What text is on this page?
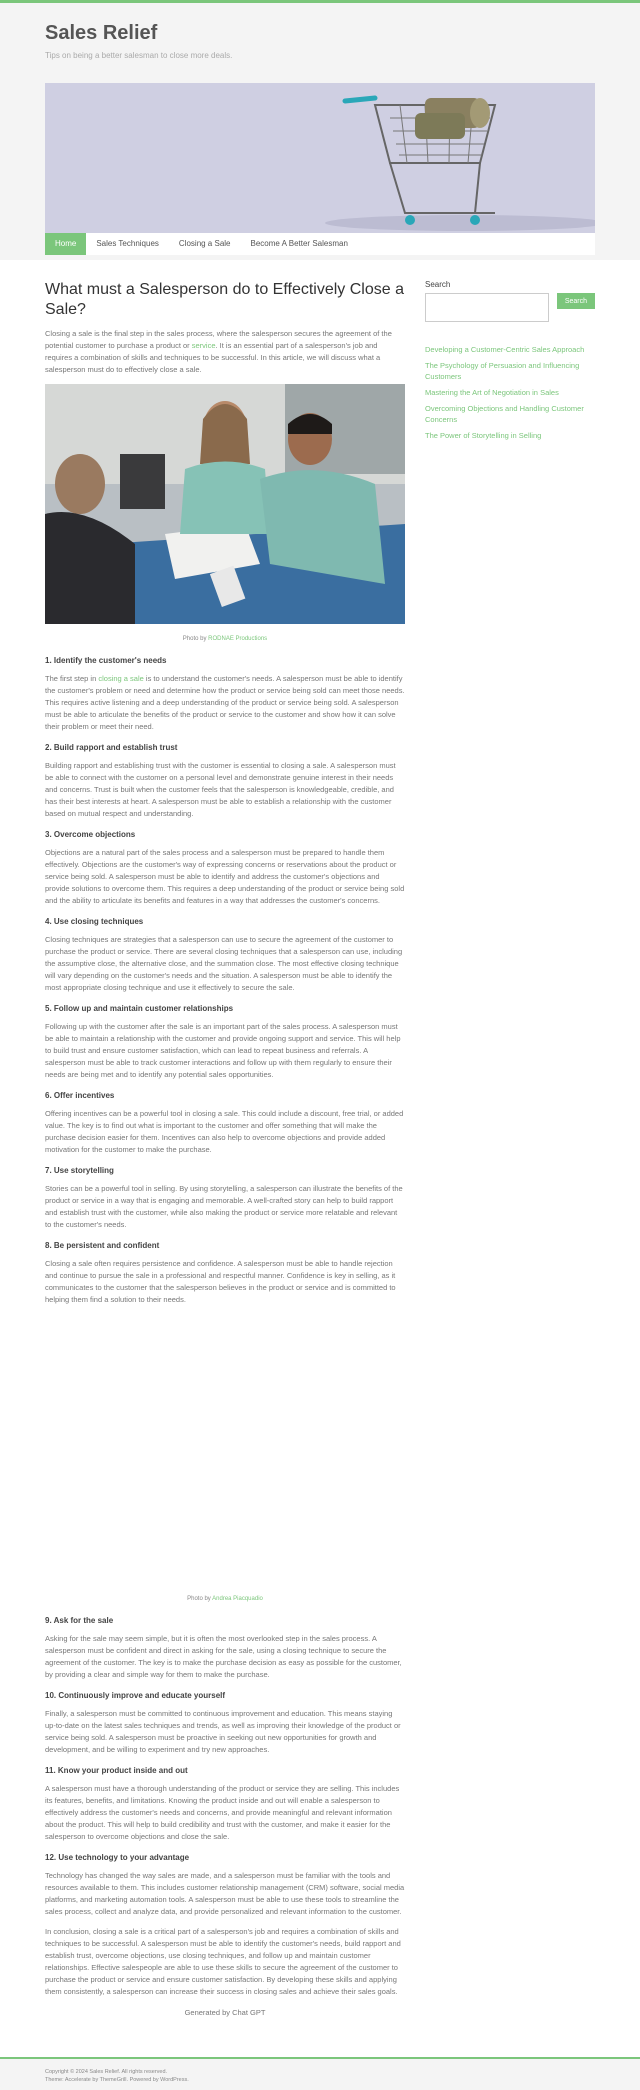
Sales Relief
Tips on being a better salesman to close more deals.
Home	Sales Techniques	Closing a Sale	Become A Better Salesman
What must a Salesperson do to Effectively Close a Sale?

Closing a sale is the final step in the sales process, where the salesperson secures the agreement of the potential customer to purchase a product or service. It is an essential part of a salesperson's job and requires a combination of skills and techniques to be successful. In this article, we will discuss what a salesperson must do to effectively close a sale.

Photo by RODNAE Productions
1. Identify the customer's needs

The first step in closing a sale is to understand the customer's needs. A salesperson must be able to identify the customer's problem or need and determine how the product or service being sold can meet those needs. This requires active listening and a deep understanding of the product or service being sold. A salesperson must be able to articulate the benefits of the product or service to the customer and show how it can solve their problem or meet their need.

2. Build rapport and establish trust

Building rapport and establishing trust with the customer is essential to closing a sale. A salesperson must be able to connect with the customer on a personal level and demonstrate genuine interest in their needs and concerns. Trust is built when the customer feels that the salesperson is knowledgeable, credible, and has their best interests at heart. A salesperson must be able to establish a relationship with the customer based on mutual respect and understanding.

3. Overcome objections

Objections are a natural part of the sales process and a salesperson must be prepared to handle them effectively. Objections are the customer's way of expressing concerns or reservations about the product or service being sold. A salesperson must be able to identify and address the customer's objections and provide solutions to overcome them. This requires a deep understanding of the product or service being sold and the ability to articulate its benefits and features in a way that addresses the customer's concerns.

4. Use closing techniques

Closing techniques are strategies that a salesperson can use to secure the agreement of the customer to purchase the product or service. There are several closing techniques that a salesperson can use, including the assumptive close, the alternative close, and the summation close. The most effective closing technique will vary depending on the customer's needs and the situation. A salesperson must be able to identify the most appropriate closing technique and use it effectively to secure the sale.

5. Follow up and maintain customer relationships

Following up with the customer after the sale is an important part of the sales process. A salesperson must be able to maintain a relationship with the customer and provide ongoing support and service. This will help to build trust and ensure customer satisfaction, which can lead to repeat business and referrals. A salesperson must be able to track customer interactions and follow up with them regularly to ensure their needs are being met and to identify any potential sales opportunities.

6. Offer incentives

Offering incentives can be a powerful tool in closing a sale. This could include a discount, free trial, or added value. The key is to find out what is important to the customer and offer something that will make the purchase decision easier for them. Incentives can also help to overcome objections and provide added motivation for the customer to make the purchase.

7. Use storytelling

Stories can be a powerful tool in selling. By using storytelling, a salesperson can illustrate the benefits of the product or service in a way that is engaging and memorable. A well-crafted story can help to build rapport and establish trust with the customer, while also making the product or service more relatable and relevant to the customer's needs.

8. Be persistent and confident

Closing a sale often requires persistence and confidence. A salesperson must be able to handle rejection and continue to pursue the sale in a professional and respectful manner. Confidence is key in selling, as it communicates to the customer that the salesperson believes in the product or service and is committed to helping them find a solution to their needs.

Photo by Andrea Piacquadio
9. Ask for the sale

Asking for the sale may seem simple, but it is often the most overlooked step in the sales process. A salesperson must be confident and direct in asking for the sale, using a closing technique to secure the agreement of the customer. The key is to make the purchase decision as easy as possible for the customer, by providing a clear and simple way for them to make the purchase.

10. Continuously improve and educate yourself

Finally, a salesperson must be committed to continuous improvement and education. This means staying up-to-date on the latest sales techniques and trends, as well as improving their knowledge of the product or service being sold. A salesperson must be proactive in seeking out new opportunities for growth and development, and be willing to experiment and try new approaches.

11. Know your product inside and out

A salesperson must have a thorough understanding of the product or service they are selling. This includes its features, benefits, and limitations. Knowing the product inside and out will enable a salesperson to effectively address the customer's needs and concerns, and provide meaningful and relevant information about the product. This will help to build credibility and trust with the customer, and make it easier for the salesperson to overcome objections and close the sale.

12. Use technology to your advantage

Technology has changed the way sales are made, and a salesperson must be familiar with the tools and resources available to them. This includes customer relationship management (CRM) software, social media platforms, and marketing automation tools. A salesperson must be able to use these tools to streamline the sales process, collect and analyze data, and provide personalized and relevant information to the customer.

In conclusion, closing a sale is a critical part of a salesperson's job and requires a combination of skills and techniques to be successful. A salesperson must be able to identify the customer's needs, build rapport and establish trust, overcome objections, use closing techniques, and follow up and maintain customer relationships. Effective salespeople are able to use these skills to secure the agreement of the customer to purchase the product or service and ensure customer satisfaction. By developing these skills and applying them consistently, a salesperson can increase their success in closing sales and achieve their sales goals.

Generated by Chat GPT
Search
Search
Developing a Customer-Centric Sales Approach
The Psychology of Persuasion and Influencing Customers
Mastering the Art of Negotiation in Sales
Overcoming Objections and Handling Customer Concerns
The Power of Storytelling in Selling
Copyright © 2024 Sales Relief. All rights reserved.
Theme: Accelerate by ThemeGrill. Powered by WordPress.
